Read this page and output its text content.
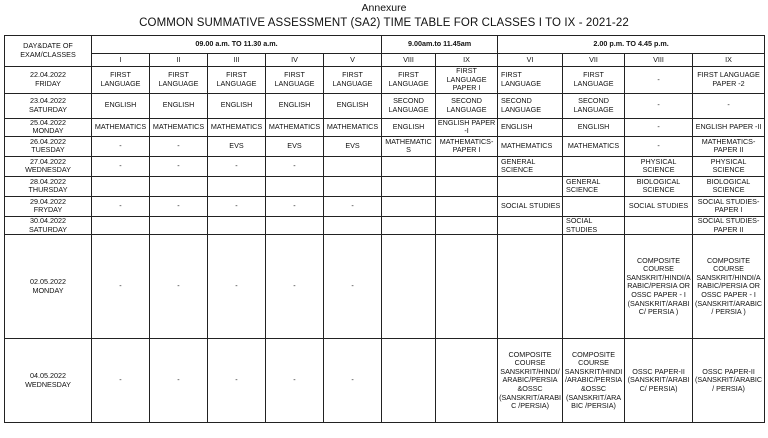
Annexure
COMMON SUMMATIVE ASSESSMENT (SA2) TIME TABLE FOR CLASSES I TO IX - 2021-22
DAY&DATE OF EXAM/CLASSES	09.00 a.m. TO 11.30 a.m.					9.00am.to 11.45am		2.00 p.m. TO 4.45 p.m.			
	I	II	III	IV	V	VIII	IX	VI	VII	VIII	IX

22.04.2022
FRIDAY	FIRST LANGUAGE	FIRST LANGUAGE	FIRST LANGUAGE	FIRST LANGUAGE	FIRST LANGUAGE	FIRST LANGUAGE	FIRST LANGUAGE PAPER I	FIRST LANGUAGE	FIRST LANGUAGE	-	FIRST LANGUAGE PAPER -2

23.04.2022
SATURDAY	ENGLISH	ENGLISH	ENGLISH	ENGLISH	ENGLISH	SECOND LANGUAGE	SECOND LANGUAGE	SECOND LANGUAGE	SECOND LANGUAGE	-	-

25.04.2022
MONDAY	MATHEMATICS	MATHEMATICS	MATHEMATICS	MATHEMATICS	MATHEMATICS	ENGLISH	ENGLISH PAPER -I	ENGLISH	ENGLISH	-	ENGLISH PAPER -II

26.04.2022
TUESDAY	-	-	EVS	EVS	EVS	MATHEMATICS	MATHEMATICS-PAPER I	MATHEMATICS	MATHEMATICS	-	MATHEMATICS-PAPER II

27.04.2022
WEDNESDAY	-	-	-	-				GENERAL SCIENCE		PHYSICAL SCIENCE	PHYSICAL SCIENCE

28.04.2022
THURSDAY									GENERAL SCIENCE	BIOLOGICAL SCIENCE	BIOLOGICAL SCIENCE

29.04.2022
FRYDAY	-	-	-	-	-			SOCIAL STUDIES		SOCIAL STUDIES	SOCIAL STUDIES-PAPER I

30.04.2022
SATURDAY									SOCIAL STUDIES		SOCIAL STUDIES-PAPER II

02.05.2022
MONDAY	-	-	-	-	-					COMPOSITE COURSE SANSKRIT/HINDI/ARABIC/PERSIA OR OSSC PAPER - I (SANSKRIT/ARABIC/ PERSIA )	COMPOSITE COURSE SANSKRIT/HINDI/ARABIC/PERSIA OR OSSC PAPER - I (SANSKRIT/ARABIC/ PERSIA )

04.05.2022
WEDNESDAY	-	-	-	-	-			COMPOSITE COURSE SANSKRIT/HINDI/ARABIC/PERSIA &OSSC (SANSKRIT/ARABIC /PERSIA)	COMPOSITE COURSE SANSKRIT/HINDI/ARABIC/PERSIA &OSSC (SANSKRIT/ARABIC /PERSIA)	OSSC PAPER-II (SANSKRIT/ARABIC/ PERSIA)	OSSC PAPER-II (SANSKRIT/ARABIC/ PERSIA)
